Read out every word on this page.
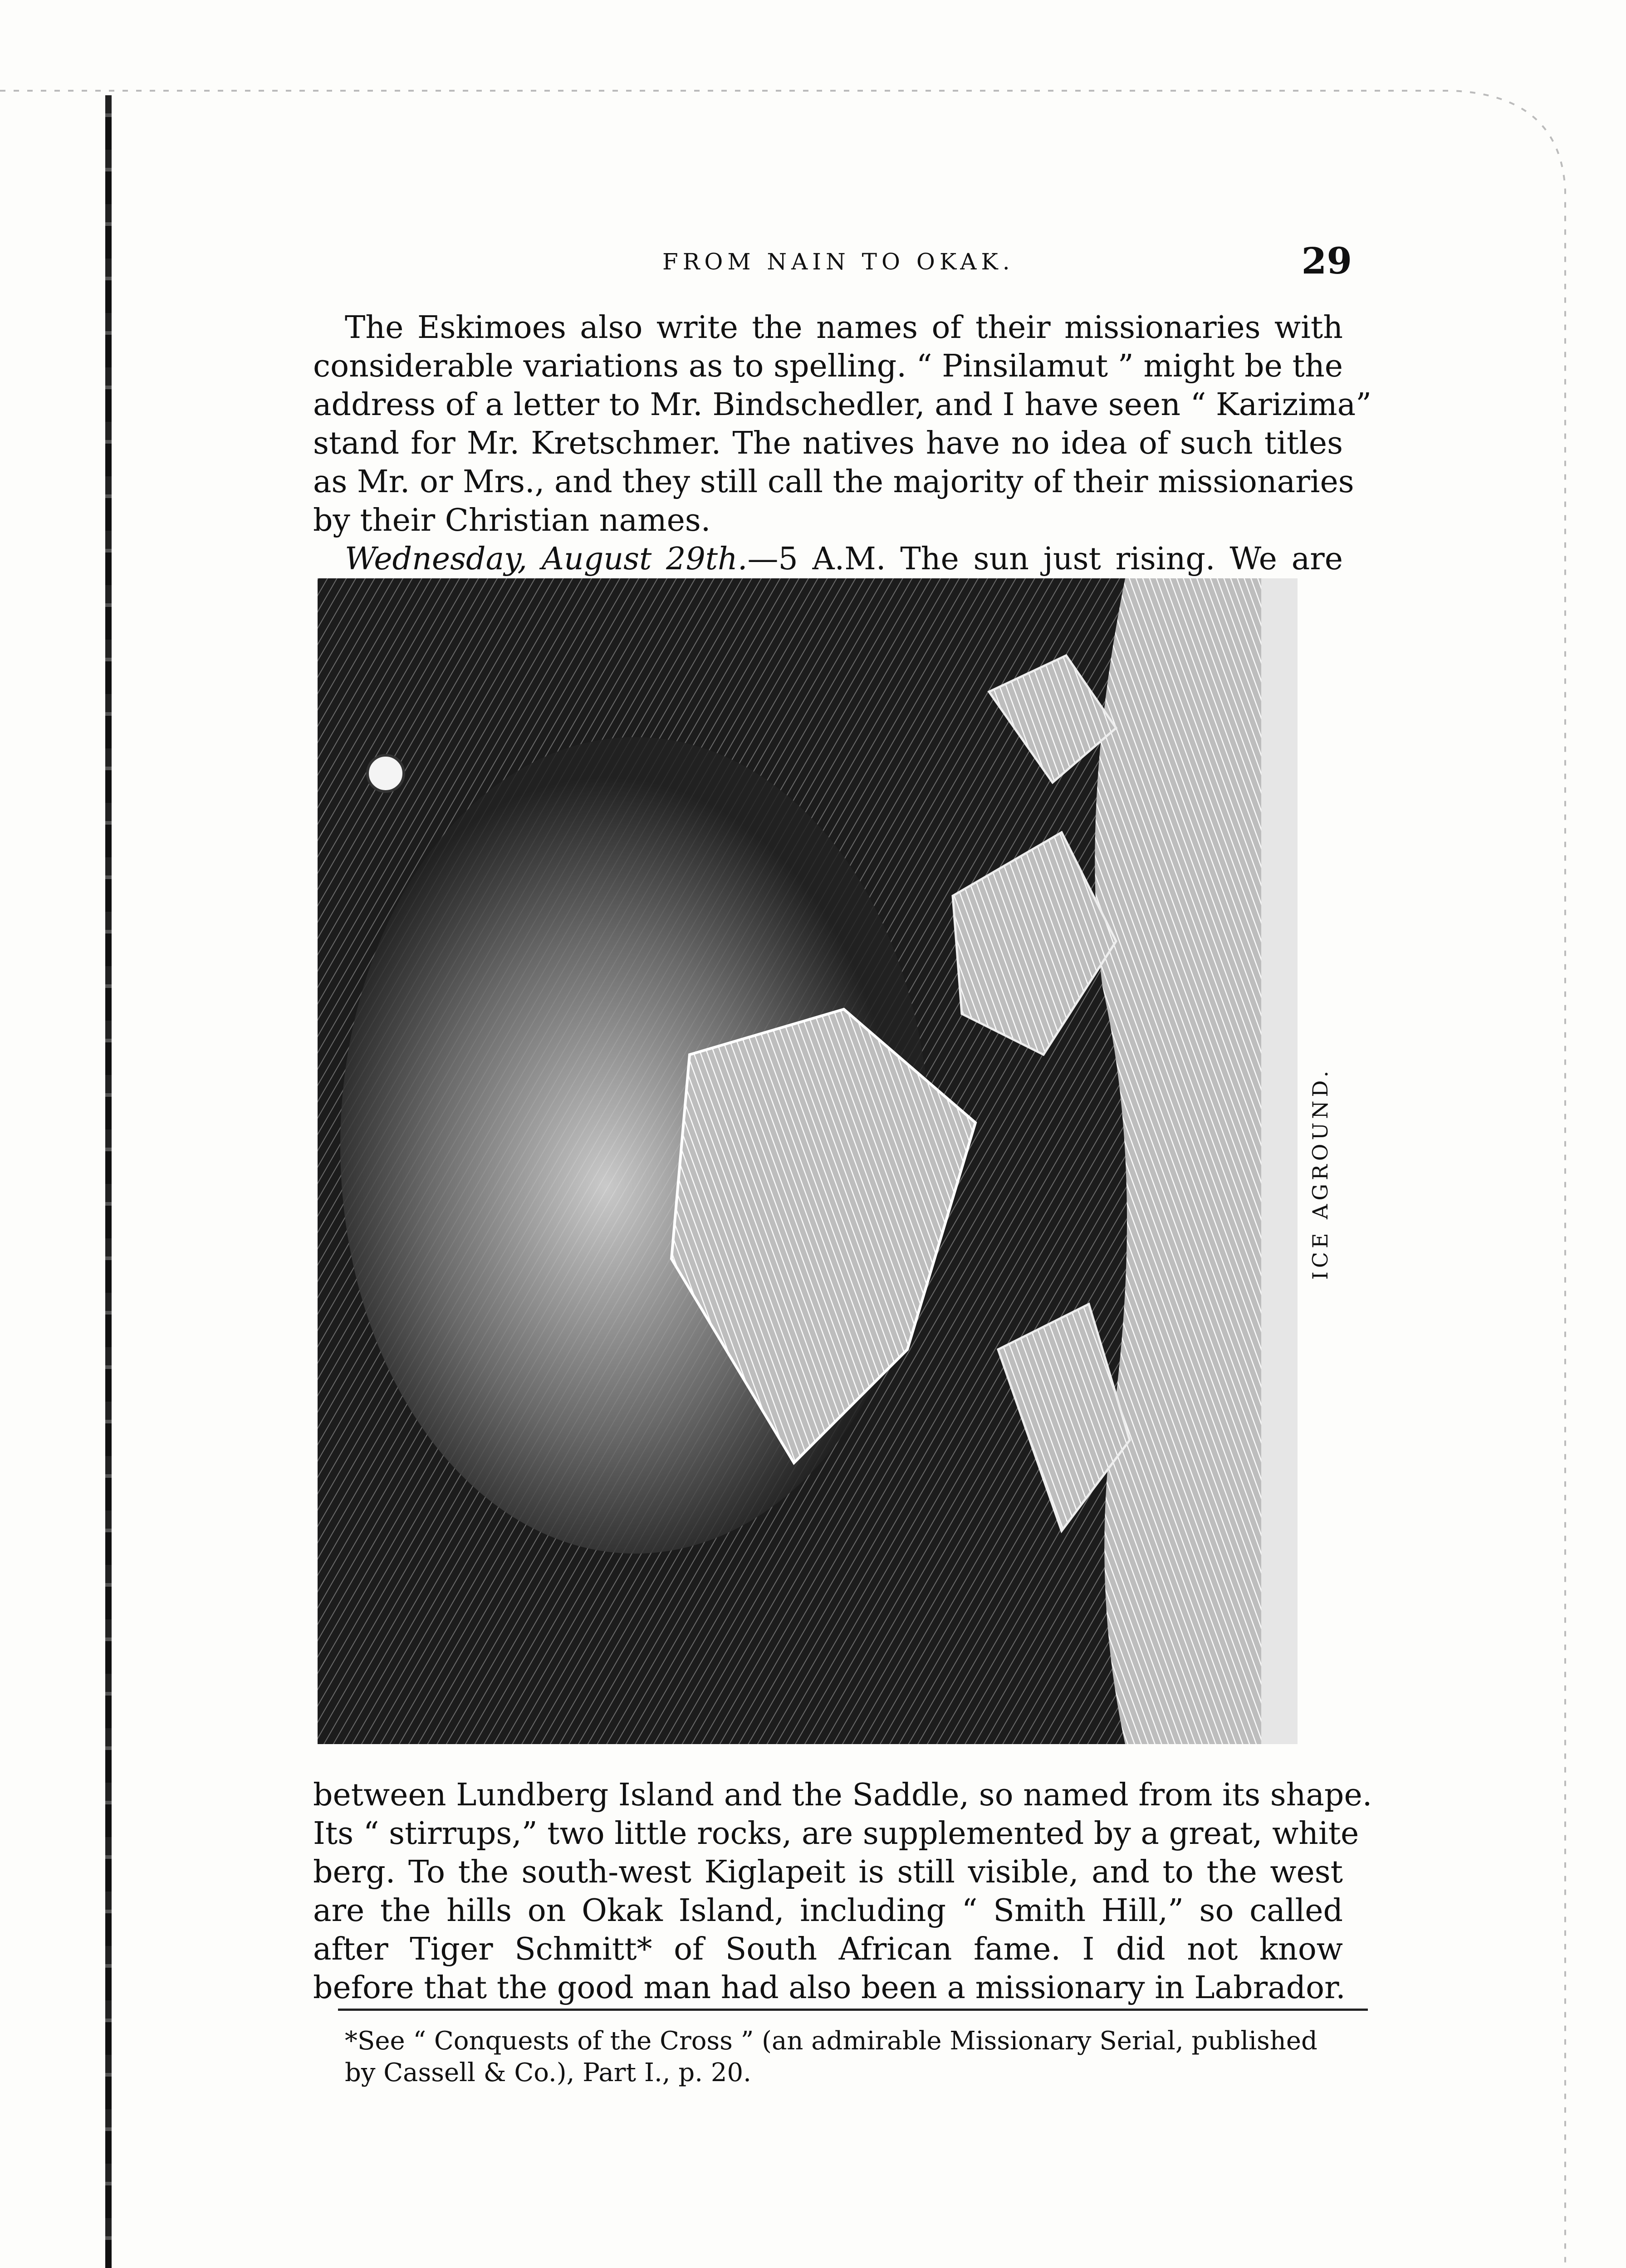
FROM NAIN TO OKAK.	29
The Eskimoes also write the names of their missionaries with
considerable variations as to spelling. “ Pinsilamut ” might be the
address of a letter to Mr. Bindschedler, and I have seen “ Karizima”
stand for Mr. Kretschmer. The natives have no idea of such titles
as Mr. or Mrs., and they still call the majority of their missionaries
by their Christian names.
Wednesday, August 29th.—5 A.M. The sun just rising. We are
ICE AGROUND.
between Lundberg Island and the Saddle, so named from its shape.
Its “ stirrups,” two little rocks, are supplemented by a great, white
berg. To the south-west Kiglapeit is still visible, and to the west
are the hills on Okak Island, including “ Smith Hill,” so called
after Tiger Schmitt* of South African fame. I did not know
before that the good man had also been a missionary in Labrador.
*See “ Conquests of the Cross ” (an admirable Missionary Serial, published
by Cassell & Co.), Part I., p. 20.
